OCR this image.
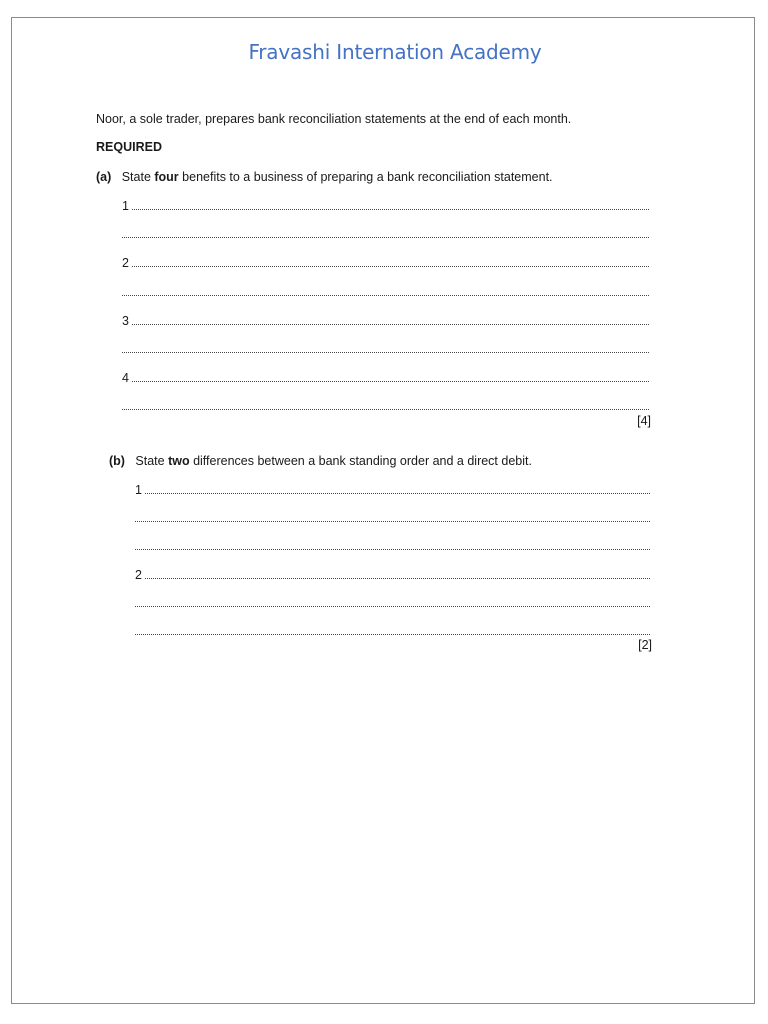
Fravashi Internation Academy

Noor, a sole trader, prepares bank reconciliation statements at the end of each month.

REQUIRED

(a) State four benefits to a business of preparing a bank reconciliation statement.

1
2
3
4
[4]

(b) State two differences between a bank standing order and a direct debit.

1
2
[2]
